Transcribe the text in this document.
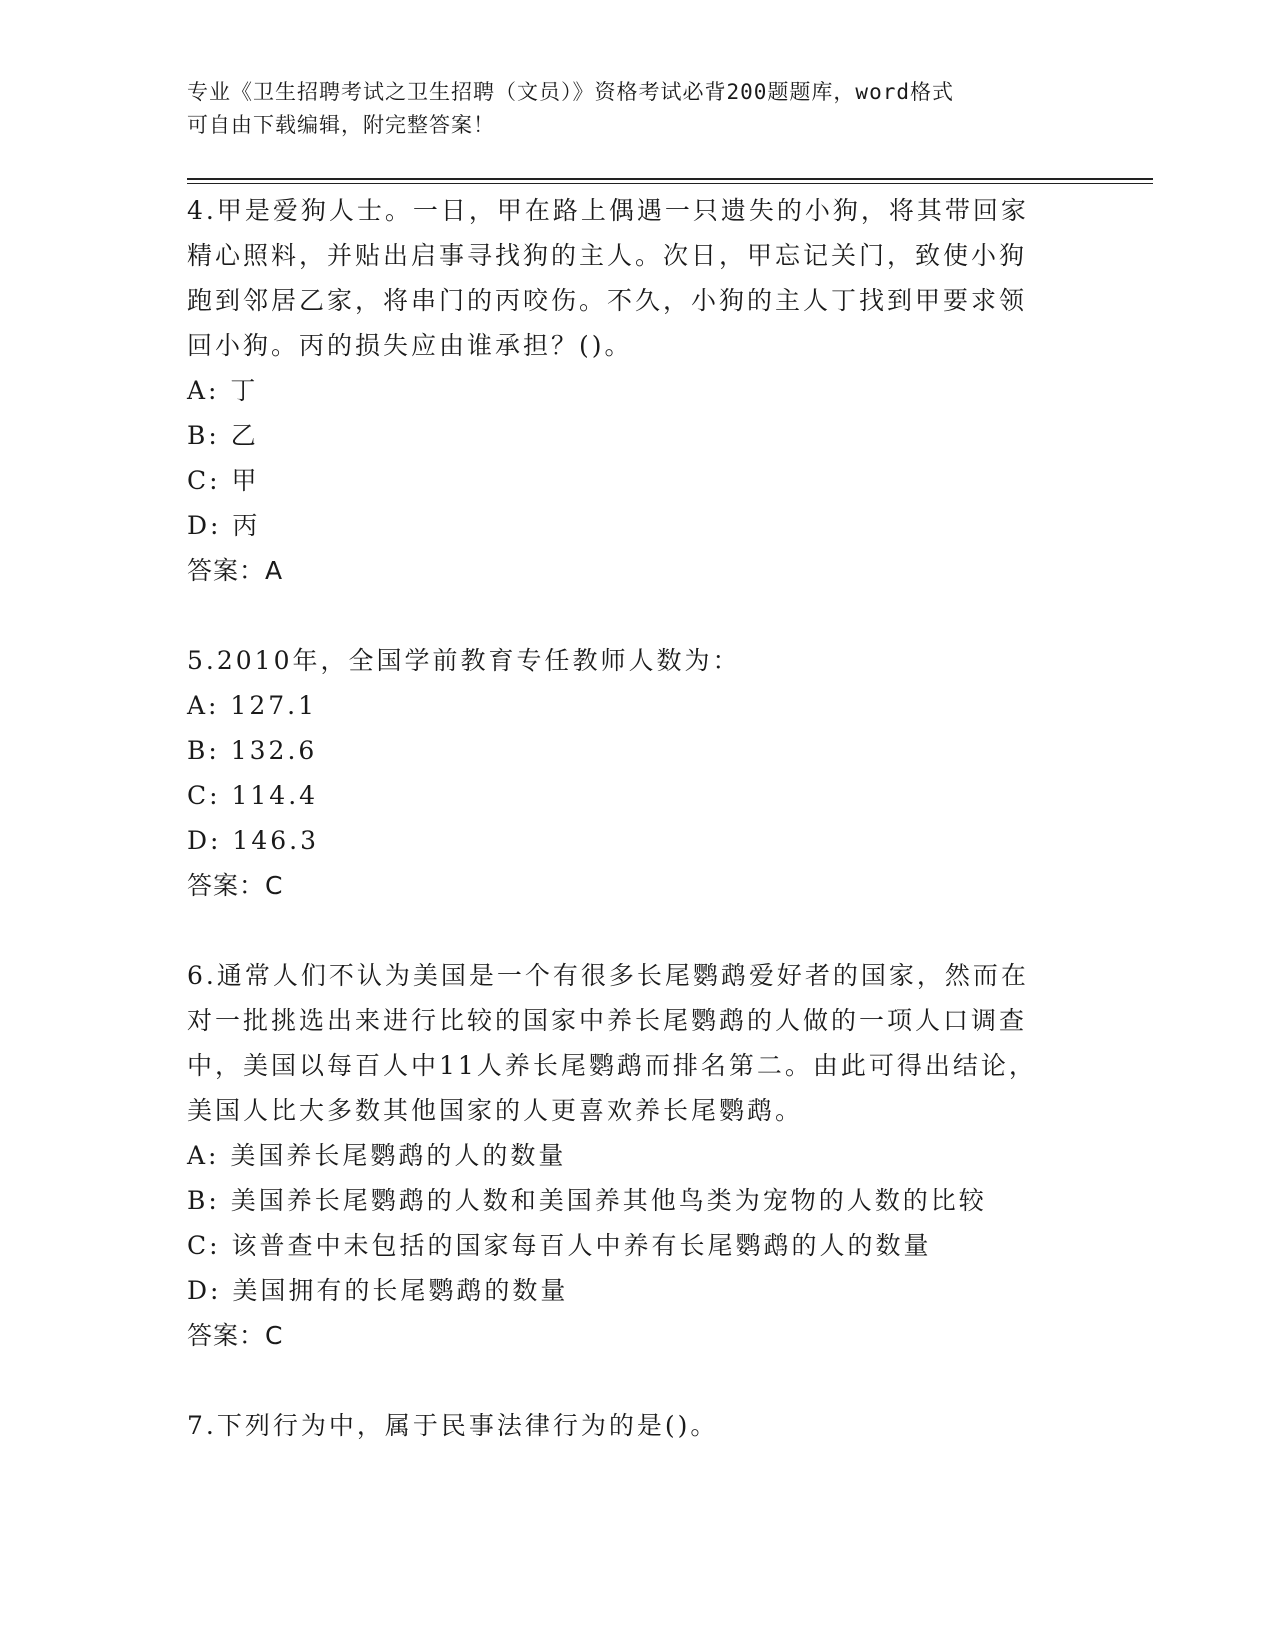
专业《卫生招聘考试之卫生招聘（文员）》资格考试必背200题题库，word格式
可自由下载编辑，附完整答案！
4.甲是爱狗人士。一日，甲在路上偶遇一只遗失的小狗，将其带回家
精心照料，并贴出启事寻找狗的主人。次日，甲忘记关门，致使小狗
跑到邻居乙家，将串门的丙咬伤。不久，小狗的主人丁找到甲要求领
回小狗。丙的损失应由谁承担？()。
A: 丁
B: 乙
C: 甲
D: 丙
答案：A
5.2010年，全国学前教育专任教师人数为：
A: 127.1
B: 132.6
C: 114.4
D: 146.3
答案：C
6.通常人们不认为美国是一个有很多长尾鹦鹉爱好者的国家，然而在
对一批挑选出来进行比较的国家中养长尾鹦鹉的人做的一项人口调查
中，美国以每百人中11人养长尾鹦鹉而排名第二。由此可得出结论，
美国人比大多数其他国家的人更喜欢养长尾鹦鹉。
A: 美国养长尾鹦鹉的人的数量
B: 美国养长尾鹦鹉的人数和美国养其他鸟类为宠物的人数的比较
C: 该普查中未包括的国家每百人中养有长尾鹦鹉的人的数量
D: 美国拥有的长尾鹦鹉的数量
答案：C
7.下列行为中，属于民事法律行为的是()。
